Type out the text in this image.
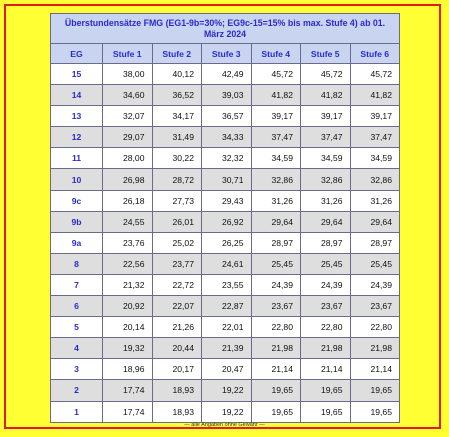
Überstundensätze FMG (EG1-9b=30%; EG9c-15=15% bis max. Stufe 4) ab 01. März 2024						
EG	Stufe 1	Stufe 2	Stufe 3	Stufe 4	Stufe 5	Stufe 6
15	38,00	40,12	42,49	45,72	45,72	45,72
14	34,60	36,52	39,03	41,82	41,82	41,82
13	32,07	34,17	36,57	39,17	39,17	39,17
12	29,07	31,49	34,33	37,47	37,47	37,47
11	28,00	30,22	32,32	34,59	34,59	34,59
10	26,98	28,72	30,71	32,86	32,86	32,86
9c	26,18	27,73	29,43	31,26	31,26	31,26
9b	24,55	26,01	26,92	29,64	29,64	29,64
9a	23,76	25,02	26,25	28,97	28,97	28,97
8	22,56	23,77	24,61	25,45	25,45	25,45
7	21,32	22,72	23,55	24,39	24,39	24,39
6	20,92	22,07	22,87	23,67	23,67	23,67
5	20,14	21,26	22,01	22,80	22,80	22,80
4	19,32	20,44	21,39	21,98	21,98	21,98
3	18,96	20,17	20,47	21,14	21,14	21,14
2	17,74	18,93	19,22	19,65	19,65	19,65
1	17,74	18,93	19,22	19,65	19,65	19,65
— alle Angaben ohne Gewähr —
